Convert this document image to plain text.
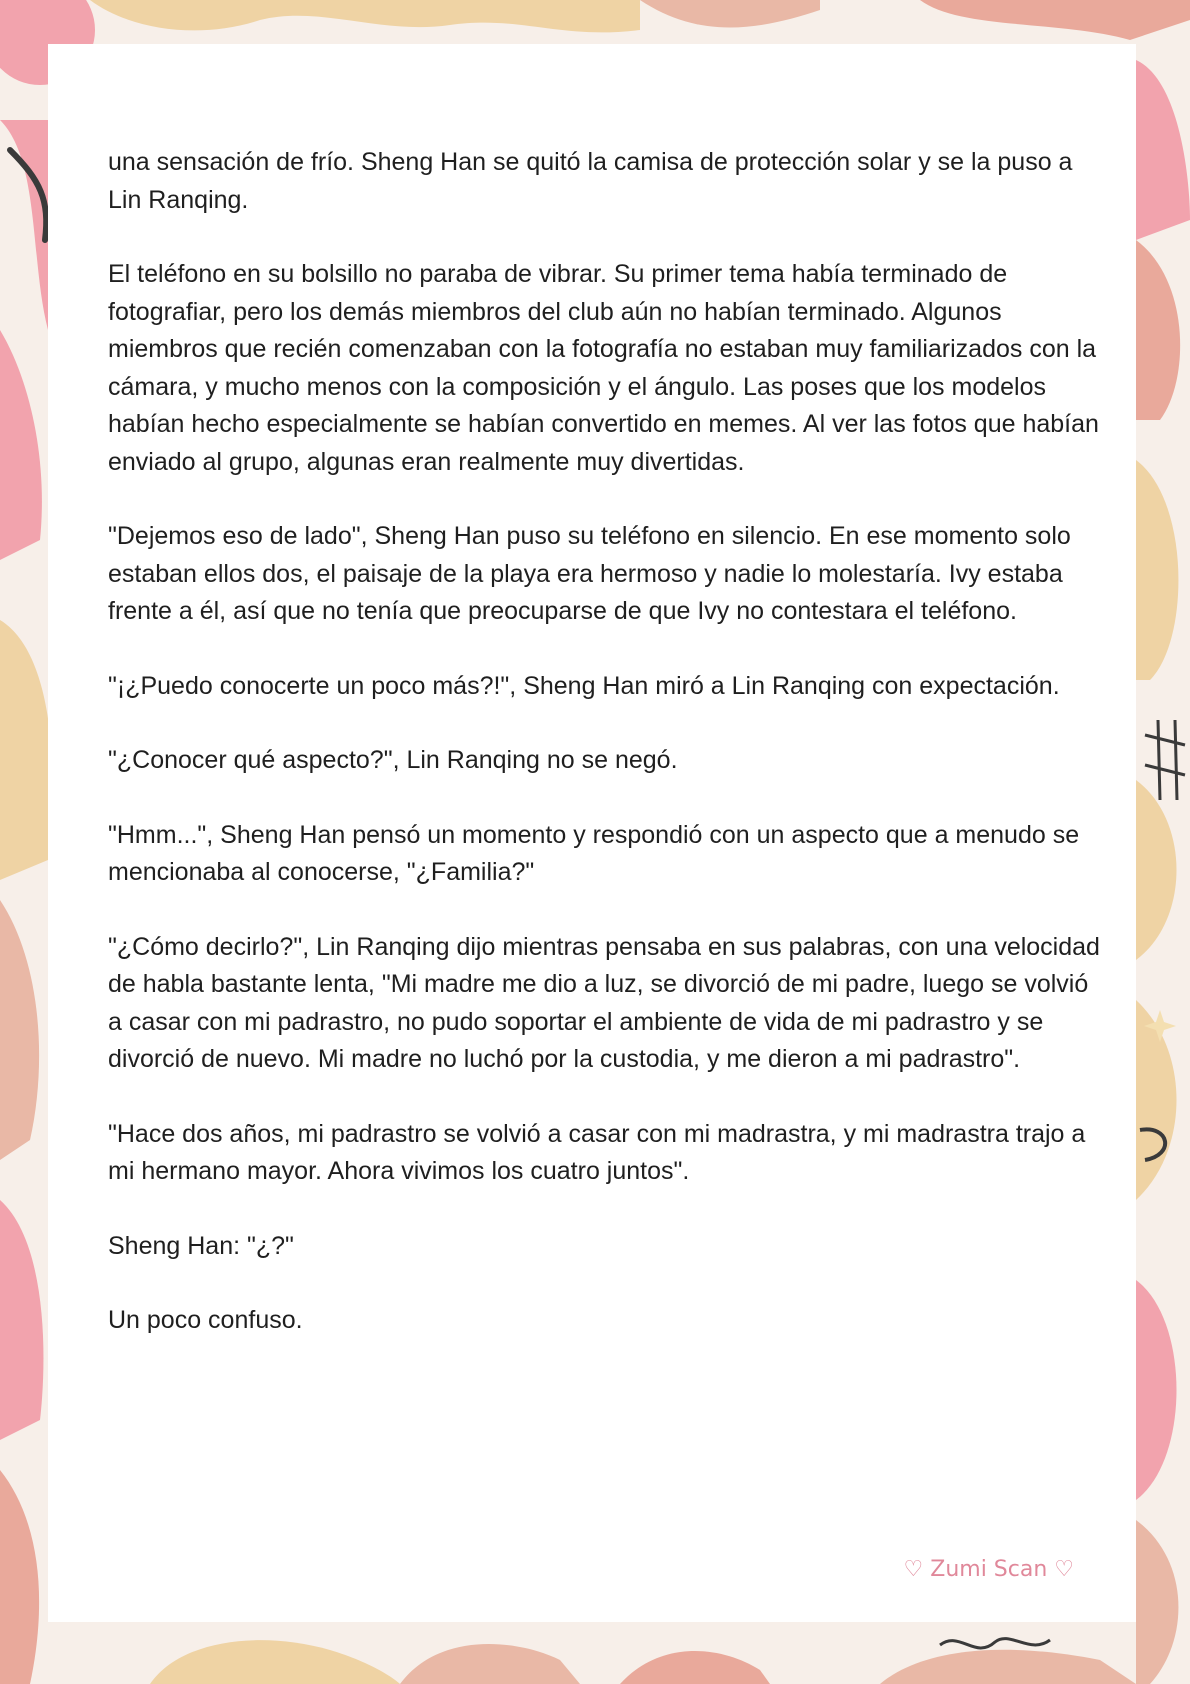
una sensación de frío. Sheng Han se quitó la camisa de protección solar y se la puso a Lin Ranqing.

El teléfono en su bolsillo no paraba de vibrar. Su primer tema había terminado de fotografiar, pero los demás miembros del club aún no habían terminado. Algunos miembros que recién comenzaban con la fotografía no estaban muy familiarizados con la cámara, y mucho menos con la composición y el ángulo. Las poses que los modelos habían hecho especialmente se habían convertido en memes. Al ver las fotos que habían enviado al grupo, algunas eran realmente muy divertidas.

"Dejemos eso de lado", Sheng Han puso su teléfono en silencio. En ese momento solo estaban ellos dos, el paisaje de la playa era hermoso y nadie lo molestaría. Ivy estaba frente a él, así que no tenía que preocuparse de que Ivy no contestara el teléfono.

"¡¿Puedo conocerte un poco más?!", Sheng Han miró a Lin Ranqing con expectación.

"¿Conocer qué aspecto?", Lin Ranqing no se negó.

"Hmm...", Sheng Han pensó un momento y respondió con un aspecto que a menudo se mencionaba al conocerse, "¿Familia?"

"¿Cómo decirlo?", Lin Ranqing dijo mientras pensaba en sus palabras, con una velocidad de habla bastante lenta, "Mi madre me dio a luz, se divorció de mi padre, luego se volvió a casar con mi padrastro, no pudo soportar el ambiente de vida de mi padrastro y se divorció de nuevo. Mi madre no luchó por la custodia, y me dieron a mi padrastro".

"Hace dos años, mi padrastro se volvió a casar con mi madrastra, y mi madrastra trajo a mi hermano mayor. Ahora vivimos los cuatro juntos".

Sheng Han: "¿?"

Un poco confuso.

♡ Zumi Scan ♡
